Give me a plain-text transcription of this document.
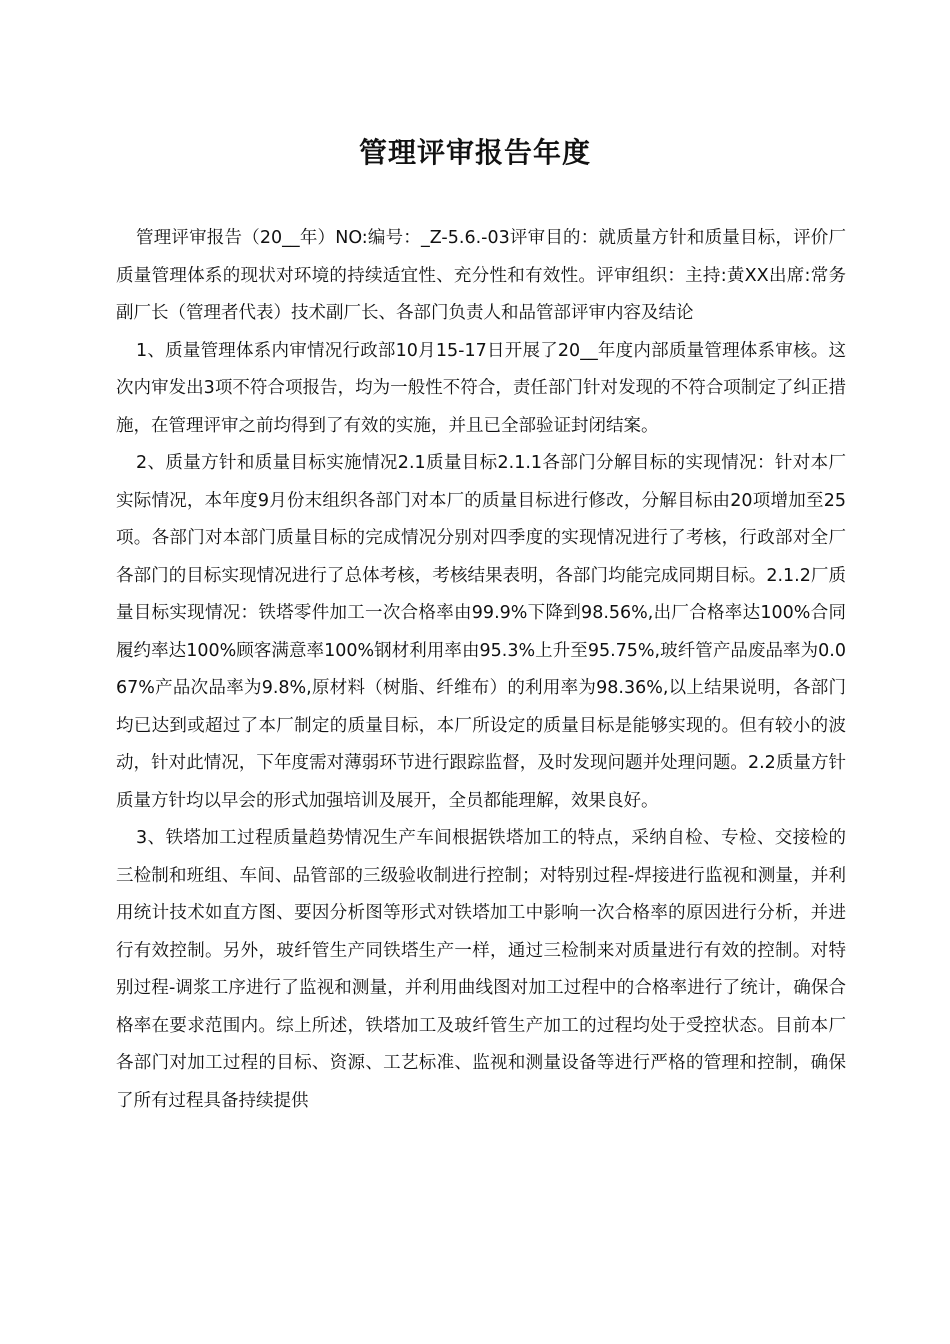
管理评审报告年度

管理评审报告（20__年）NO:编号：_Z-5.6.-03评审目的：就质量方针和质量目标，评价厂质量管理体系的现状对环境的持续适宜性、充分性和有效性。评审组织：主持:黄XX出席:常务副厂长（管理者代表）技术副厂长、各部门负责人和品管部评审内容及结论

1、质量管理体系内审情况行政部10月15-17日开展了20__年度内部质量管理体系审核。这次内审发出3项不符合项报告，均为一般性不符合，责任部门针对发现的不符合项制定了纠正措施，在管理评审之前均得到了有效的实施，并且已全部验证封闭结案。

2、质量方针和质量目标实施情况2.1质量目标2.1.1各部门分解目标的实现情况：针对本厂实际情况，本年度9月份末组织各部门对本厂的质量目标进行修改，分解目标由20项增加至25项。各部门对本部门质量目标的完成情况分别对四季度的实现情况进行了考核，行政部对全厂各部门的目标实现情况进行了总体考核，考核结果表明，各部门均能完成同期目标。2.1.2厂质量目标实现情况：铁塔零件加工一次合格率由99.9%下降到98.56%,出厂合格率达100%合同履约率达100%顾客满意率100%钢材利用率由95.3%上升至95.75%,玻纤管产品废品率为0.067%产品次品率为9.8%,原材料（树脂、纤维布）的利用率为98.36%,以上结果说明，各部门均已达到或超过了本厂制定的质量目标，本厂所设定的质量目标是能够实现的。但有较小的波动，针对此情况，下年度需对薄弱环节进行跟踪监督，及时发现问题并处理问题。2.2质量方针质量方针均以早会的形式加强培训及展开，全员都能理解，效果良好。

3、铁塔加工过程质量趋势情况生产车间根据铁塔加工的特点，采纳自检、专检、交接检的三检制和班组、车间、品管部的三级验收制进行控制；对特别过程-焊接进行监视和测量，并利用统计技术如直方图、要因分析图等形式对铁塔加工中影响一次合格率的原因进行分析，并进行有效控制。另外，玻纤管生产同铁塔生产一样，通过三检制来对质量进行有效的控制。对特别过程-调浆工序进行了监视和测量，并利用曲线图对加工过程中的合格率进行了统计，确保合格率在要求范围内。综上所述，铁塔加工及玻纤管生产加工的过程均处于受控状态。目前本厂各部门对加工过程的目标、资源、工艺标准、监视和测量设备等进行严格的管理和控制，确保了所有过程具备持续提供
